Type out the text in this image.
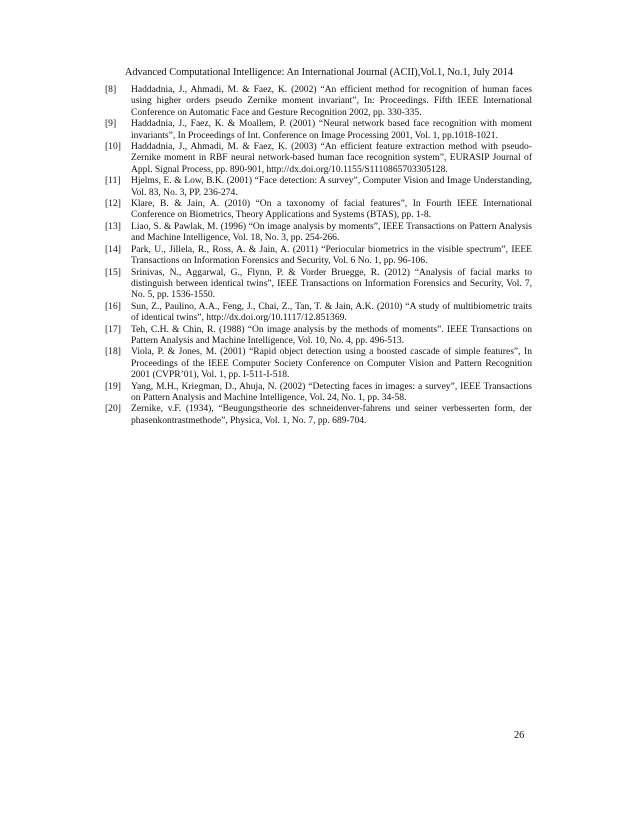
Advanced Computational Intelligence: An International Journal (ACII),Vol.1, No.1, July 2014
[8]	Haddadnia, J., Ahmadi, M. & Faez, K. (2002) “An efficient method for recognition of human faces using higher orders pseudo Zernike moment invariant”, In: Proceedings. Fifth IEEE International Conference on Automatic Face and Gesture Recognition 2002, pp. 330-335.
[9]	Haddadnia, J., Faez, K. & Moallem, P. (2001) “Neural network based face recognition with moment invariants”, In Proceedings of Int. Conference on Image Processing 2001, Vol. 1, pp.1018-1021.
[10]	Haddadnia, J., Ahmadi, M. & Faez, K. (2003) “An efficient feature extraction method with pseudo-Zernike moment in RBF neural network-based human face recognition system”, EURASIP Journal of Appl. Signal Process, pp. 890-901, http://dx.doi.org/10.1155/S1110865703305128.
[11]	Hjelms, E. & Low, B.K. (2001) “Face detection: A survey”, Computer Vision and Image Understanding, Vol. 83, No. 3, PP. 236-274.
[12]	Klare, B. & Jain, A. (2010) “On a taxonomy of facial features”, In Fourth IEEE International Conference on Biometrics, Theory Applications and Systems (BTAS), pp. 1-8.
[13]	Liao, S. & Pawlak, M. (1996) “On image analysis by moments”, IEEE Transactions on Pattern Analysis and Machine Intelligence, Vol. 18, No. 3, pp. 254-266.
[14]	Park, U., Jillela, R., Ross, A. & Jain, A. (2011) “Periocular biometrics in the visible spectrum”, IEEE Transactions on Information Forensics and Security, Vol. 6 No. 1, pp. 96-106.
[15]	Srinivas, N., Aggarwal, G., Flynn, P. & Vorder Bruegge, R. (2012) “Analysis of facial marks to distinguish between identical twins”, IEEE Transactions on Information Forensics and Security, Vol. 7, No. 5, pp. 1536-1550.
[16]	Sun, Z., Paulino, A.A., Feng, J., Chai, Z., Tan, T. & Jain, A.K. (2010) “A study of multibiometric traits of identical twins”, http://dx.doi.org/10.1117/12.851369.
[17]	Teh, C.H. & Chin, R. (1988) “On image analysis by the methods of moments”. IEEE Transactions on Pattern Analysis and Machine Intelligence, Vol. 10, No. 4, pp. 496-513.
[18]	Viola, P. & Jones, M. (2001) “Rapid object detection using a boosted cascade of simple features”, In Proceedings of the IEEE Computer Society Conference on Computer Vision and Pattern Recognition 2001 (CVPR’01), Vol. 1, pp. I-511-I-518.
[19]	Yang, M.H., Kriegman, D., Ahuja, N. (2002) “Detecting faces in images: a survey”, IEEE Transactions on Pattern Analysis and Machine Intelligence, Vol. 24, No. 1, pp. 34-58.
[20]	Zernike, v.F. (1934), “Beugungstheorie des schneidenver-fahrens und seiner verbesserten form, der phasenkontrastmethode”, Physica, Vol. 1, No. 7, pp. 689-704.
26
